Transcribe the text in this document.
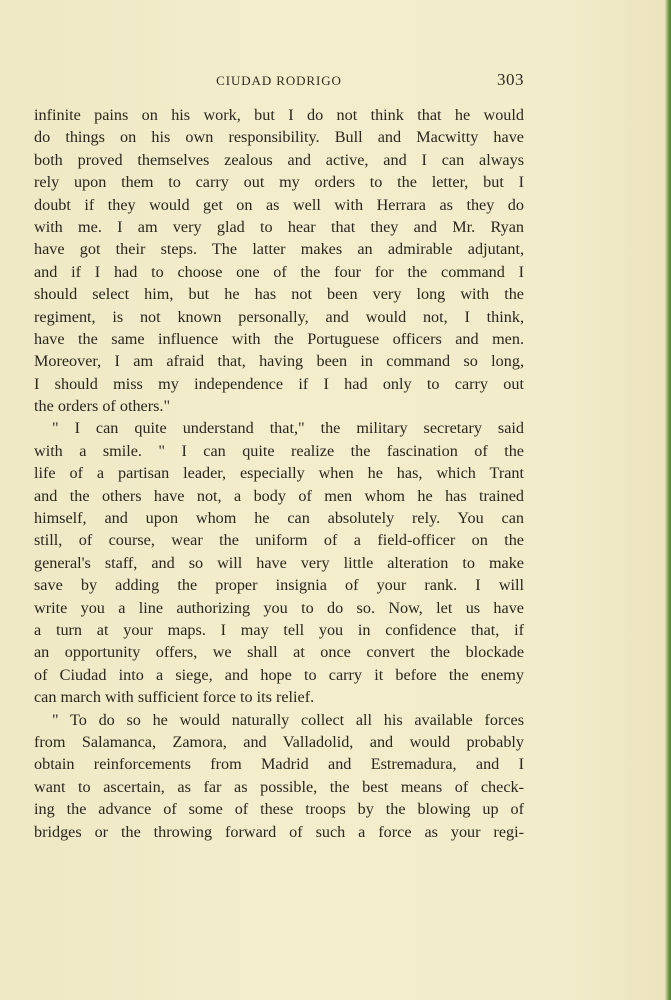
CIUDAD RODRIGO	303
infinite pains on his work, but I do not think that he would
do things on his own responsibility. Bull and Macwitty have
both proved themselves zealous and active, and I can always
rely upon them to carry out my orders to the letter, but I
doubt if they would get on as well with Herrara as they do
with me. I am very glad to hear that they and Mr. Ryan
have got their steps. The latter makes an admirable adjutant,
and if I had to choose one of the four for the command I
should select him, but he has not been very long with the
regiment, is not known personally, and would not, I think,
have the same influence with the Portuguese officers and men.
Moreover, I am afraid that, having been in command so long,
I should miss my independence if I had only to carry out
the orders of others."
" I can quite understand that," the military secretary said
with a smile. " I can quite realize the fascination of the
life of a partisan leader, especially when he has, which Trant
and the others have not, a body of men whom he has trained
himself, and upon whom he can absolutely rely. You can
still, of course, wear the uniform of a field-officer on the
general's staff, and so will have very little alteration to make
save by adding the proper insignia of your rank. I will
write you a line authorizing you to do so. Now, let us have
a turn at your maps. I may tell you in confidence that, if
an opportunity offers, we shall at once convert the blockade
of Ciudad into a siege, and hope to carry it before the enemy
can march with sufficient force to its relief.
" To do so he would naturally collect all his available forces
from Salamanca, Zamora, and Valladolid, and would probably
obtain reinforcements from Madrid and Estremadura, and I
want to ascertain, as far as possible, the best means of check-
ing the advance of some of these troops by the blowing up of
bridges or the throwing forward of such a force as your regi-
